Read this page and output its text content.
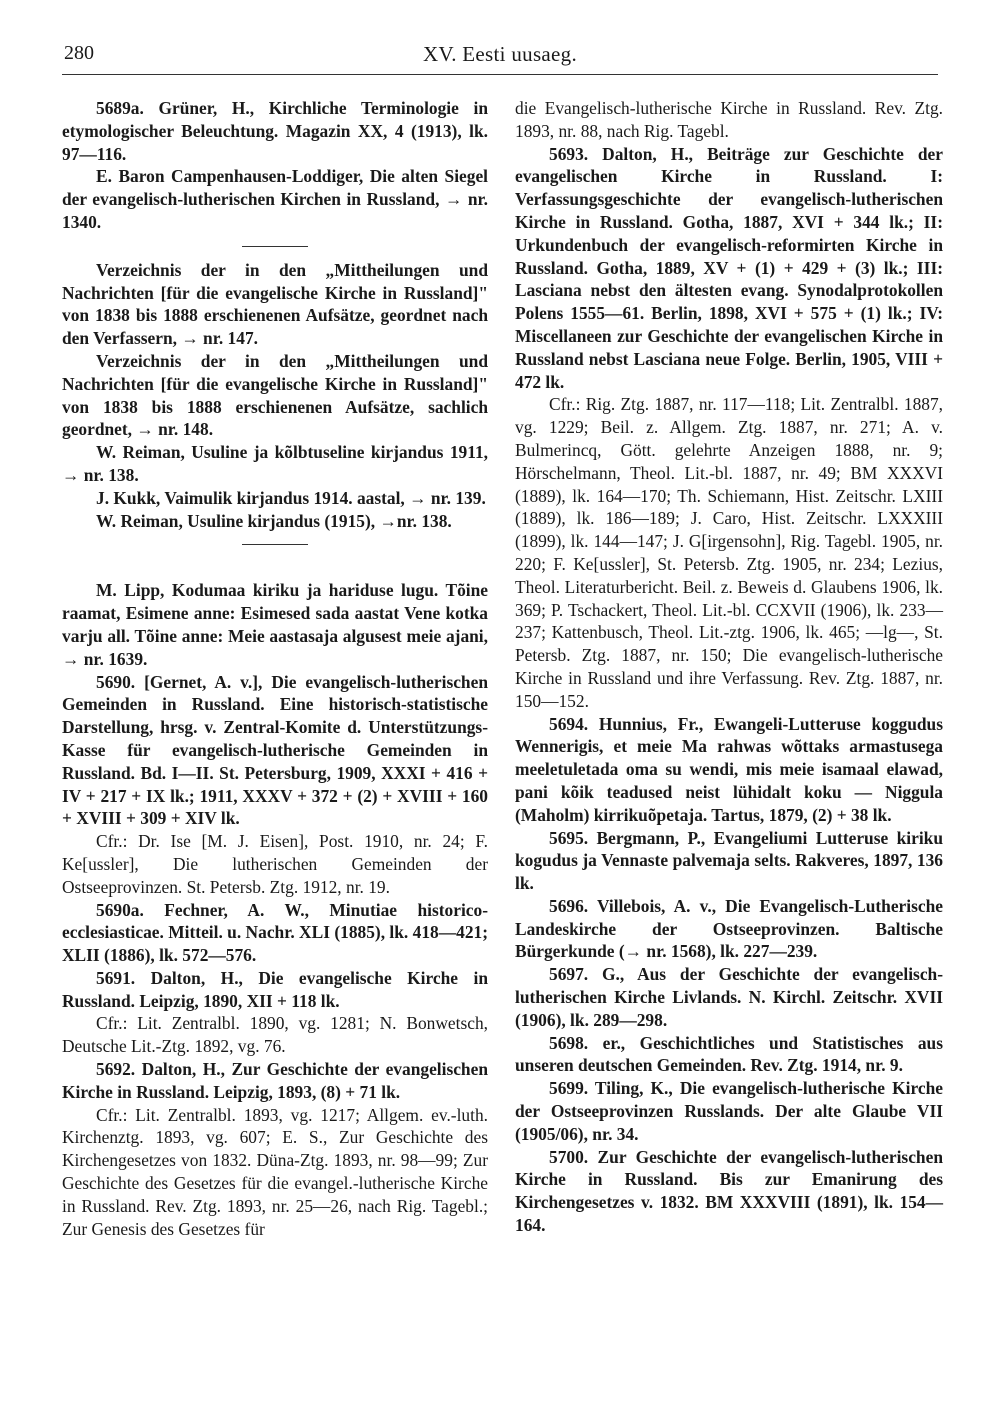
280	XV. Eesti uusaeg.

5689a. Grüner, H., Kirchliche Terminologie in etymologischer Beleuchtung. Magazin XX, 4 (1913), lk. 97—116.

E. Baron Campenhausen-Loddiger, Die alten Siegel der evangelisch-lutherischen Kirchen in Russland, → nr. 1340.

Verzeichnis der in den „Mittheilungen und Nachrichten [für die evangelische Kirche in Russland]" von 1838 bis 1888 erschienenen Aufsätze, geordnet nach den Verfassern, → nr. 147.

Verzeichnis der in den „Mittheilungen und Nachrichten [für die evangelische Kirche in Russland]" von 1838 bis 1888 erschienenen Aufsätze, sachlich geordnet, → nr. 148.

W. Reiman, Usuline ja kõlbtuseline kirjandus 1911, → nr. 138.

J. Kukk, Vaimulik kirjandus 1914. aastal, → nr. 139.

W. Reiman, Usuline kirjandus (1915), →nr. 138.

M. Lipp, Kodumaa kiriku ja hariduse lugu. Tõine raamat, Esimene anne: Esimesed sada aastat Vene kotka varju all. Tõine anne: Meie aastasaja algusest meie ajani, → nr. 1639.

5690. [Gernet, A. v.], Die evangelisch-lutherischen Gemeinden in Russland. Eine historisch-statistische Darstellung, hrsg. v. Zentral-Komite d. Unterstützungs-Kasse für evangelisch-lutherische Gemeinden in Russland. Bd. I—II. St. Petersburg, 1909, XXXI + 416 + IV + 217 + IX lk.; 1911, XXXV + 372 + (2) + XVIII + 160 + XVIII + 309 + XIV lk.

Cfr.: Dr. Ise [M. J. Eisen], Post. 1910, nr. 24; F. Ke[ussler], Die lutherischen Gemeinden der Ostseeprovinzen. St. Petersb. Ztg. 1912, nr. 19.

5690a. Fechner, A. W., Minutiae historico-ecclesiasticae. Mitteil. u. Nachr. XLI (1885), lk. 418—421; XLII (1886), lk. 572—576.

5691. Dalton, H., Die evangelische Kirche in Russland. Leipzig, 1890, XII + 118 lk.

Cfr.: Lit. Zentralbl. 1890, vg. 1281; N. Bonwetsch, Deutsche Lit.-Ztg. 1892, vg. 76.

5692. Dalton, H., Zur Geschichte der evangelischen Kirche in Russland. Leipzig, 1893, (8) + 71 lk.

Cfr.: Lit. Zentralbl. 1893, vg. 1217; Allgem. ev.-luth. Kirchenztg. 1893, vg. 607; E. S., Zur Geschichte des Kirchengesetzes von 1832. Düna-Ztg. 1893, nr. 98—99; Zur Geschichte des Gesetzes für die evangel.-lutherische Kirche in Russland. Rev. Ztg. 1893, nr. 25—26, nach Rig. Tagebl.; Zur Genesis des Gesetzes für

die Evangelisch-lutherische Kirche in Russland. Rev. Ztg. 1893, nr. 88, nach Rig. Tagebl.

5693. Dalton, H., Beiträge zur Geschichte der evangelischen Kirche in Russland. I: Verfassungsgeschichte der evangelisch-lutherischen Kirche in Russland. Gotha, 1887, XVI + 344 lk.; II: Urkundenbuch der evangelisch-reformirten Kirche in Russland. Gotha, 1889, XV + (1) + 429 + (3) lk.; III: Lasciana nebst den ältesten evang. Synodalprotokollen Polens 1555—61. Berlin, 1898, XVI + 575 + (1) lk.; IV: Miscellaneen zur Geschichte der evangelischen Kirche in Russland nebst Lasciana neue Folge. Berlin, 1905, VIII + 472 lk.

Cfr.: Rig. Ztg. 1887, nr. 117—118; Lit. Zentralbl. 1887, vg. 1229; Beil. z. Allgem. Ztg. 1887, nr. 271; A. v. Bulmerincq, Gött. gelehrte Anzeigen 1888, nr. 9; Hörschelmann, Theol. Lit.-bl. 1887, nr. 49; BM XXXVI (1889), lk. 164—170; Th. Schiemann, Hist. Zeitschr. LXIII (1889), lk. 186—189; J. Caro, Hist. Zeitschr. LXXXIII (1899), lk. 144—147; J. G[irgensohn], Rig. Tagebl. 1905, nr. 220; F. Ke[ussler], St. Petersb. Ztg. 1905, nr. 234; Lezius, Theol. Literaturbericht. Beil. z. Beweis d. Glaubens 1906, lk. 369; P. Tschackert, Theol. Lit.-bl. CCXVII (1906), lk. 233—237; Kattenbusch, Theol. Lit.-ztg. 1906, lk. 465; —lg—, St. Petersb. Ztg. 1887, nr. 150; Die evangelisch-lutherische Kirche in Russland und ihre Verfassung. Rev. Ztg. 1887, nr. 150—152.

5694. Hunnius, Fr., Ewangeli-Lutteruse koggudus Wennerigis, et meie Ma rahwas wõttaks armastusega meeletuletada oma su wendi, mis meie isamaal elawad, pani kõik teadused neist lühidalt koku — Niggula (Maholm) kirrikuõpetaja. Tartus, 1879, (2) + 38 lk.

5695. Bergmann, P., Evangeliumi Lutteruse kiriku kogudus ja Vennaste palvemaja selts. Rakveres, 1897, 136 lk.

5696. Villebois, A. v., Die Evangelisch-Lutherische Landeskirche der Ostseeprovinzen. Baltische Bürgerkunde (→ nr. 1568), lk. 227—239.

5697. G., Aus der Geschichte der evangelisch-lutherischen Kirche Livlands. N. Kirchl. Zeitschr. XVII (1906), lk. 289—298.

5698. er., Geschichtliches und Statistisches aus unseren deutschen Gemeinden. Rev. Ztg. 1914, nr. 9.

5699. Tiling, K., Die evangelisch-lutherische Kirche der Ostseeprovinzen Russlands. Der alte Glaube VII (1905/06), nr. 34.

5700. Zur Geschichte der evangelisch-lutherischen Kirche in Russland. Bis zur Emanirung des Kirchengesetzes v. 1832. BM XXXVIII (1891), lk. 154—164.
